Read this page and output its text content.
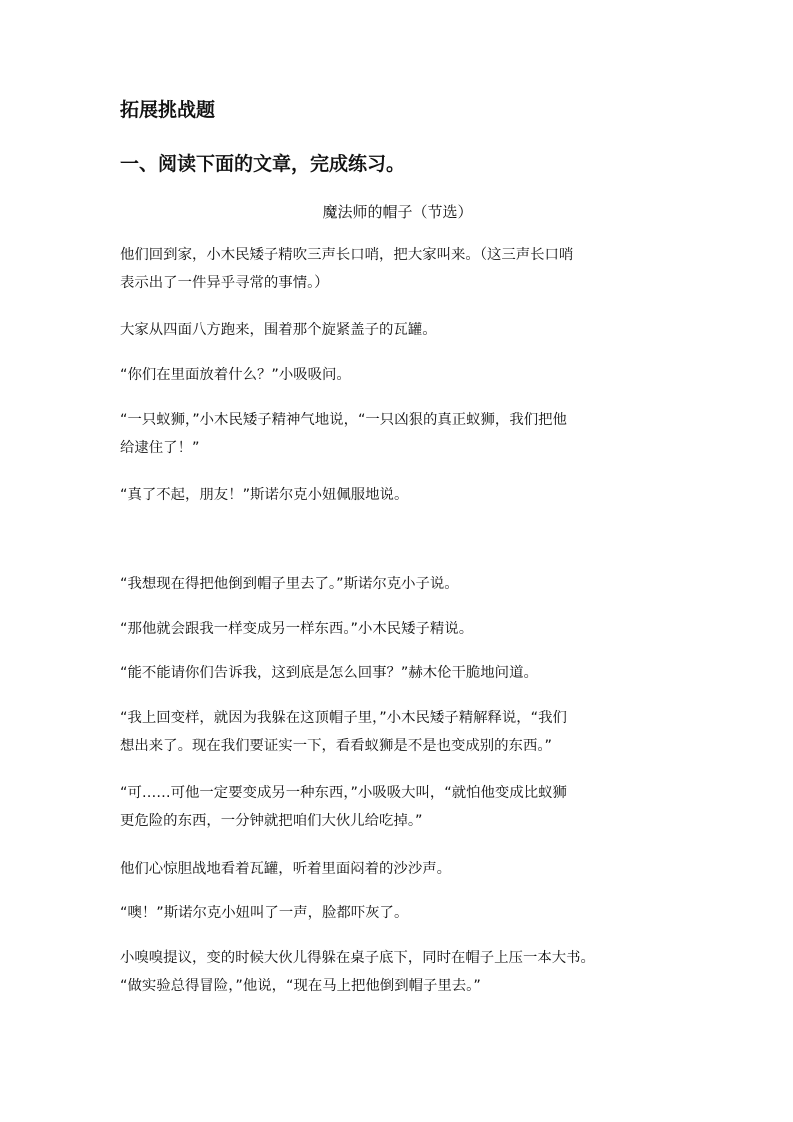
拓展挑战题
一、阅读下面的文章，完成练习。
魔法师的帽子（节选）
他们回到家，小木民矮子精吹三声长口哨，把大家叫来。（这三声长口哨
表示出了一件异乎寻常的事情。）
大家从四面八方跑来，围着那个旋紧盖子的瓦罐。
“你们在里面放着什么？”小吸吸问。
“一只蚁狮，”小木民矮子精神气地说，“一只凶狠的真正蚁狮，我们把他
给逮住了！”
“真了不起，朋友！”斯诺尔克小妞佩服地说。
“我想现在得把他倒到帽子里去了。”斯诺尔克小子说。
“那他就会跟我一样变成另一样东西。”小木民矮子精说。
“能不能请你们告诉我，这到底是怎么回事？”赫木伦干脆地问道。
“我上回变样，就因为我躲在这顶帽子里，”小木民矮子精解释说，“我们
想出来了。现在我们要证实一下，看看蚁狮是不是也变成别的东西。”
“可……可他一定要变成另一种东西，”小吸吸大叫，“就怕他变成比蚁狮
更危险的东西，一分钟就把咱们大伙儿给吃掉。”
他们心惊胆战地看着瓦罐，听着里面闷着的沙沙声。
“噢！”斯诺尔克小妞叫了一声，脸都吓灰了。
小嗅嗅提议，变的时候大伙儿得躲在桌子底下，同时在帽子上压一本大书。
“做实验总得冒险，”他说，“现在马上把他倒到帽子里去。”
